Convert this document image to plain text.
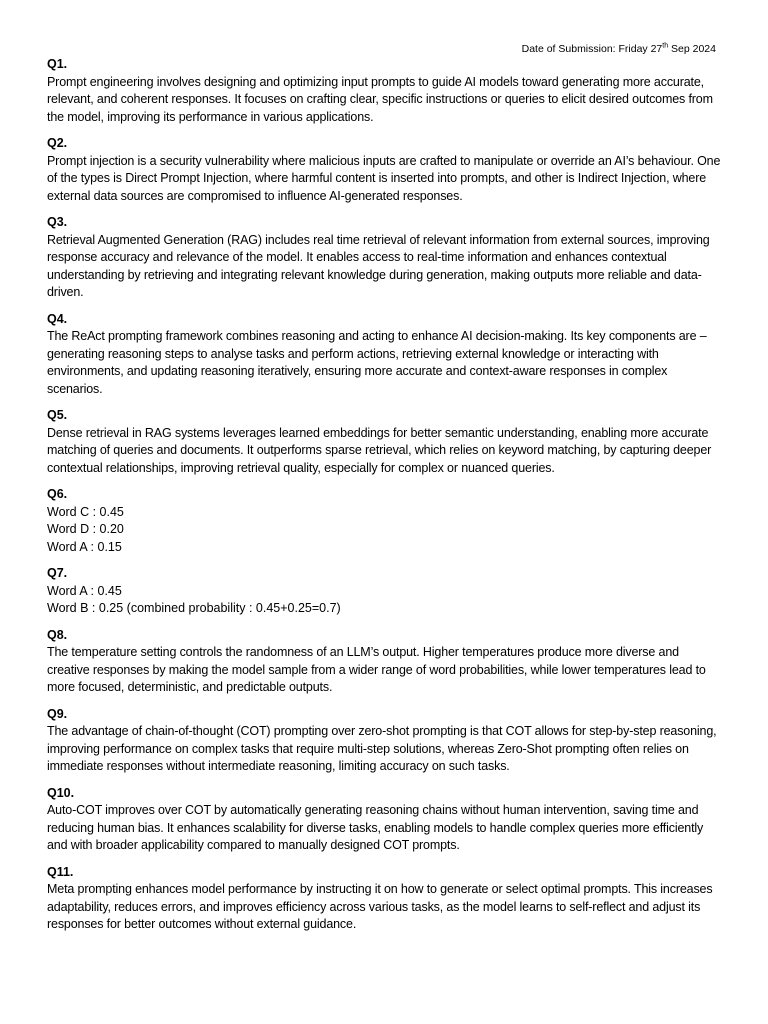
Date of Submission: Friday 27th Sep 2024
Q1.
Prompt engineering involves designing and optimizing input prompts to guide AI models toward generating more accurate, relevant, and coherent responses. It focuses on crafting clear, specific instructions or queries to elicit desired outcomes from the model, improving its performance in various applications.
Q2.
Prompt injection is a security vulnerability where malicious inputs are crafted to manipulate or override an AI’s behaviour. One of the types is Direct Prompt Injection, where harmful content is inserted into prompts, and other is Indirect Injection, where external data sources are compromised to influence AI-generated responses.
Q3.
Retrieval Augmented Generation (RAG) includes real time retrieval of relevant information from external sources, improving response accuracy and relevance of the model. It enables access to real-time information and enhances contextual understanding by retrieving and integrating relevant knowledge during generation, making outputs more reliable and data-driven.
Q4.
The ReAct prompting framework combines reasoning and acting to enhance AI decision-making. Its key components are – generating reasoning steps to analyse tasks and perform actions, retrieving external knowledge or interacting with environments, and updating reasoning iteratively, ensuring more accurate and context-aware responses in complex scenarios.
Q5.
Dense retrieval in RAG systems leverages learned embeddings for better semantic understanding, enabling more accurate matching of queries and documents. It outperforms sparse retrieval, which relies on keyword matching, by capturing deeper contextual relationships, improving retrieval quality, especially for complex or nuanced queries.
Q6.
Word C : 0.45
Word D : 0.20
Word A : 0.15
Q7.
Word A : 0.45
Word B : 0.25 (combined probability : 0.45+0.25=0.7)
Q8.
The temperature setting controls the randomness of an LLM’s output. Higher temperatures produce more diverse and creative responses by making the model sample from a wider range of word probabilities, while lower temperatures lead to more focused, deterministic, and predictable outputs.
Q9.
The advantage of chain-of-thought (COT) prompting over zero-shot prompting is that COT allows for step-by-step reasoning, improving performance on complex tasks that require multi-step solutions, whereas Zero-Shot prompting often relies on immediate responses without intermediate reasoning, limiting accuracy on such tasks.
Q10.
Auto-COT improves over COT by automatically generating reasoning chains without human intervention, saving time and reducing human bias. It enhances scalability for diverse tasks, enabling models to handle complex queries more efficiently and with broader applicability compared to manually designed COT prompts.
Q11.
Meta prompting enhances model performance by instructing it on how to generate or select optimal prompts. This increases adaptability, reduces errors, and improves efficiency across various tasks, as the model learns to self-reflect and adjust its responses for better outcomes without external guidance.
